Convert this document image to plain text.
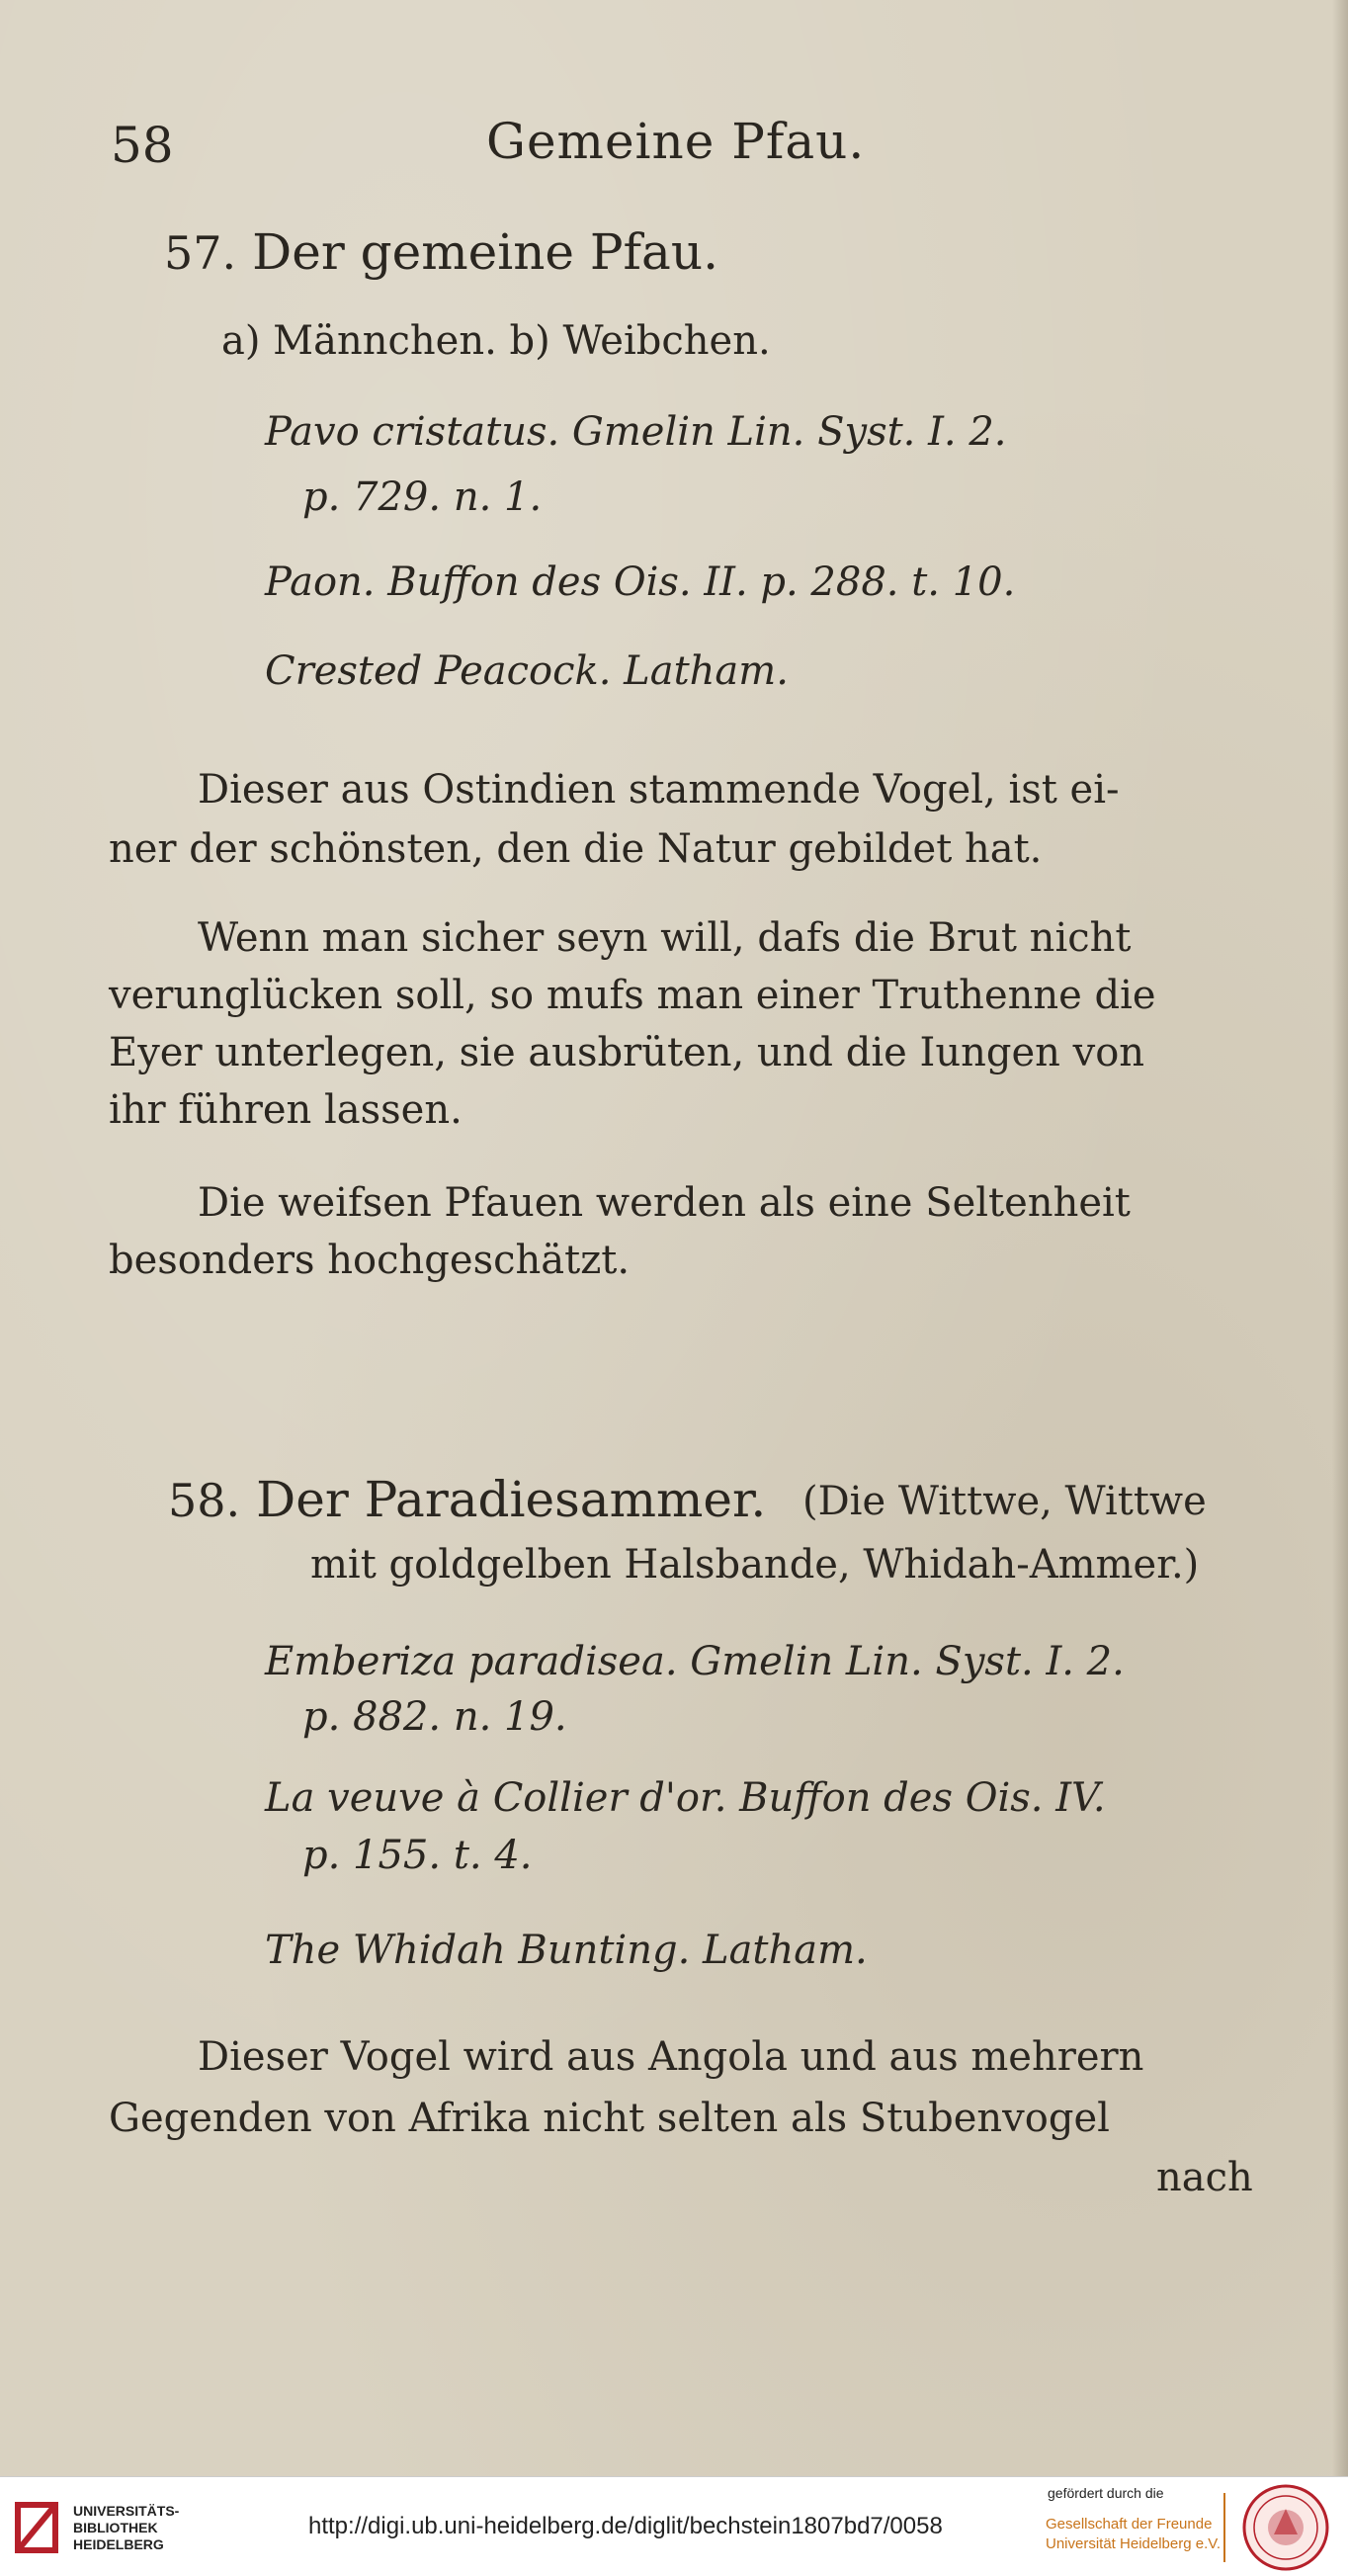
58	Gemeine Pfau.
57. Der gemeine Pfau.
a) Männchen. b) Weibchen.
Pavo cristatus. Gmelin Lin. Syst. I. 2.
p. 729. n. 1.
Paon. Buffon des Ois. II. p. 288. t. 10.
Crested Peacock. Latham.
Dieser aus Ostindien stammende Vogel, ist ei-
ner der schönsten, den die Natur gebildet hat.
Wenn man sicher seyn will, dafs die Brut nicht
verunglücken soll, so mufs man einer Truthenne die
Eyer unterlegen, sie ausbrüten, und die Iungen von
ihr führen lassen.
Die weifsen Pfauen werden als eine Seltenheit
besonders hochgeschätzt.
58. Der Paradiesammer. (Die Wittwe, Wittwe
mit goldgelben Halsbande, Whidah-Ammer.)
Emberiza paradisea. Gmelin Lin. Syst. I. 2.
p. 882. n. 19.
La veuve à Collier d'or. Buffon des Ois. IV.
p. 155. t. 4.
The Whidah Bunting. Latham.
Dieser Vogel wird aus Angola und aus mehrern
Gegenden von Afrika nicht selten als Stubenvogel
nach
UNIVERSITÄTS-
BIBLIOTHEK
HEIDELBERG
http://digi.ub.uni-heidelberg.de/diglit/bechstein1807bd7/0058
gefördert durch die
Gesellschaft der Freunde
Universität Heidelberg e.V.
